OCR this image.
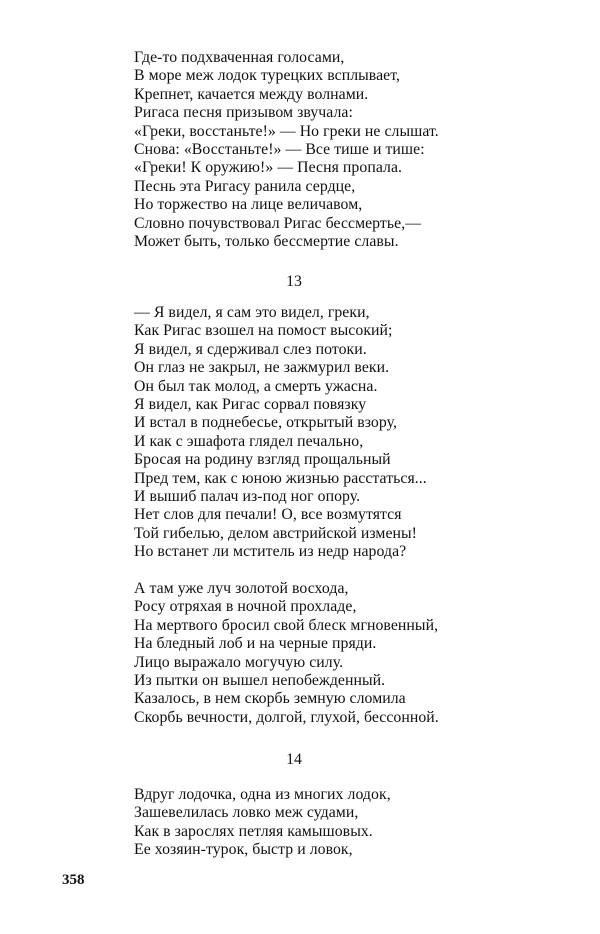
Где-то подхваченная голосами,
В море меж лодок турецких всплывает,
Крепнет, качается между волнами.
Ригаса песня призывом звучала:
«Греки, восстаньте!» — Но греки не слышат.
Снова: «Восстаньте!» — Все тише и тише:
«Греки! К оружию!» — Песня пропала.
Песнь эта Ригасу ранила сердце,
Но торжество на лице величавом,
Словно почувствовал Ригас бессмертье,—
Может быть, только бессмертие славы.
13
— Я видел, я сам это видел, греки,
Как Ригас взошел на помост высокий;
Я видел, я сдерживал слез потоки.
Он глаз не закрыл, не зажмурил веки.
Он был так молод, а смерть ужасна.
Я видел, как Ригас сорвал повязку
И встал в поднебесье, открытый взору,
И как с эшафота глядел печально,
Бросая на родину взгляд прощальный
Пред тем, как с юною жизнью расстаться...
И вышиб палач из-под ног опору.
Нет слов для печали! О, все возмутятся
Той гибелью, делом австрийской измены!
Но встанет ли мститель из недр народа?
А там уже луч золотой восхода,
Росу отряхая в ночной прохладе,
На мертвого бросил свой блеск мгновенный,
На бледный лоб и на черные пряди.
Лицо выражало могучую силу.
Из пытки он вышел непобежденный.
Казалось, в нем скорбь земную сломила
Скорбь вечности, долгой, глухой, бессонной.
14
Вдруг лодочка, одна из многих лодок,
Зашевелилась ловко меж судами,
Как в зарослях петляя камышовых.
Ее хозяин-турок, быстр и ловок,
358
